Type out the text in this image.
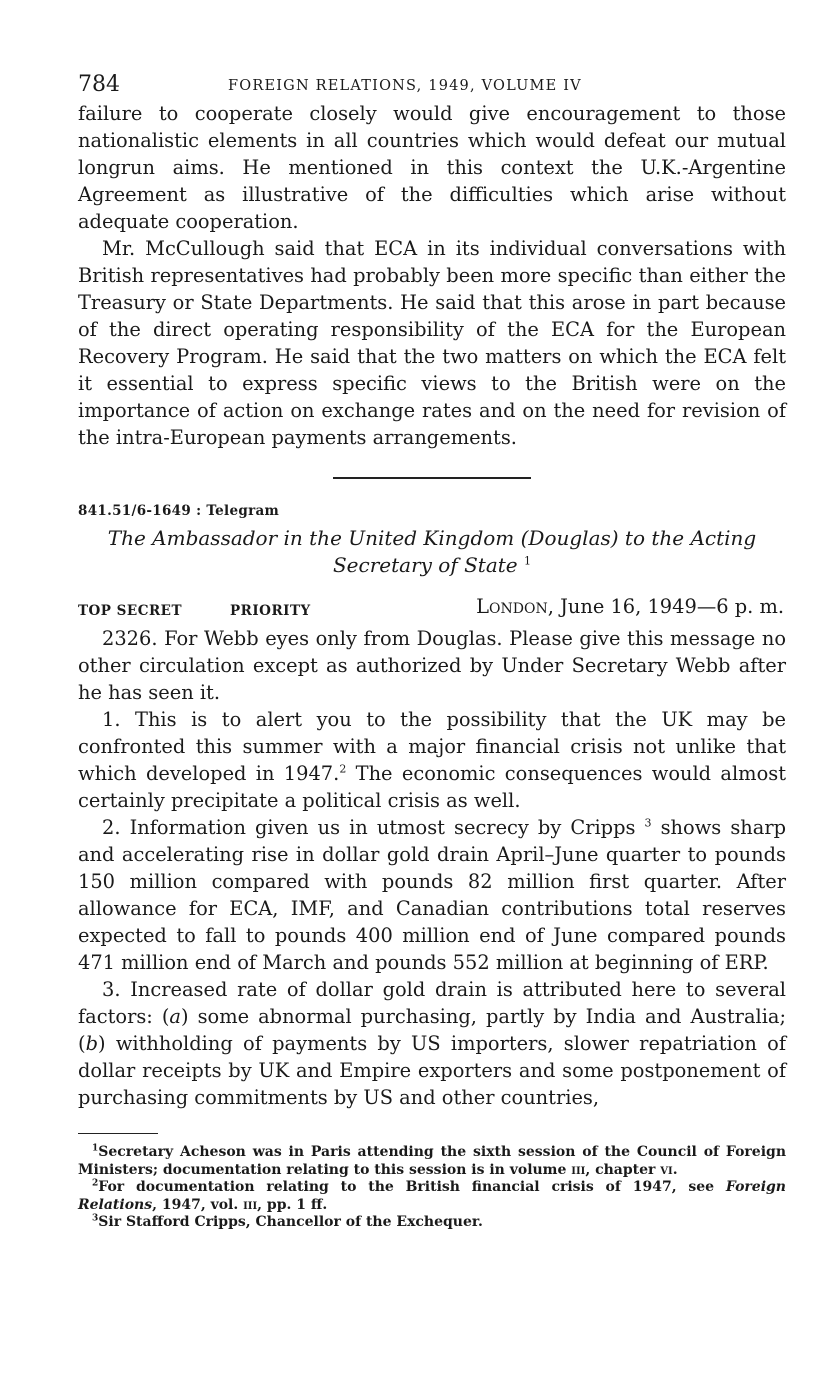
784	FOREIGN RELATIONS, 1949, VOLUME IV

failure to cooperate closely would give encouragement to those nationalistic elements in all countries which would defeat our mutual longrun aims. He mentioned in this context the U.K.-Argentine Agreement as illustrative of the difficulties which arise without adequate cooperation.

Mr. McCullough said that ECA in its individual conversations with British representatives had probably been more specific than either the Treasury or State Departments. He said that this arose in part because of the direct operating responsibility of the ECA for the European Recovery Program. He said that the two matters on which the ECA felt it essential to express specific views to the British were on the importance of action on exchange rates and on the need for revision of the intra-European payments arrangements.

841.51/6-1649 : Telegram
The Ambassador in the United Kingdom (Douglas) to the Acting
Secretary of State $^1$
TOP SECRET	PRIORITY	London, June 16, 1949—6 p. m.

2326. For Webb eyes only from Douglas. Please give this message no other circulation except as authorized by Under Secretary Webb after he has seen it.

1. This is to alert you to the possibility that the UK may be confronted this summer with a major financial crisis not unlike that which developed in 1947.$^2$ The economic consequences would almost certainly precipitate a political crisis as well.

2. Information given us in utmost secrecy by Cripps $^3$ shows sharp and accelerating rise in dollar gold drain April–June quarter to pounds 150 million compared with pounds 82 million first quarter. After allowance for ECA, IMF, and Canadian contributions total reserves expected to fall to pounds 400 million end of June compared pounds 471 million end of March and pounds 552 million at beginning of ERP.

3. Increased rate of dollar gold drain is attributed here to several factors: (a) some abnormal purchasing, partly by India and Australia; (b) withholding of payments by US importers, slower repatriation of dollar receipts by UK and Empire exporters and some postponement of purchasing commitments by US and other countries,

$^1$Secretary Acheson was in Paris attending the sixth session of the Council of Foreign Ministers; documentation relating to this session is in volume iii, chapter vi.

$^2$For documentation relating to the British financial crisis of 1947, see Foreign Relations, 1947, vol. iii, pp. 1 ff.

$^3$Sir Stafford Cripps, Chancellor of the Exchequer.
